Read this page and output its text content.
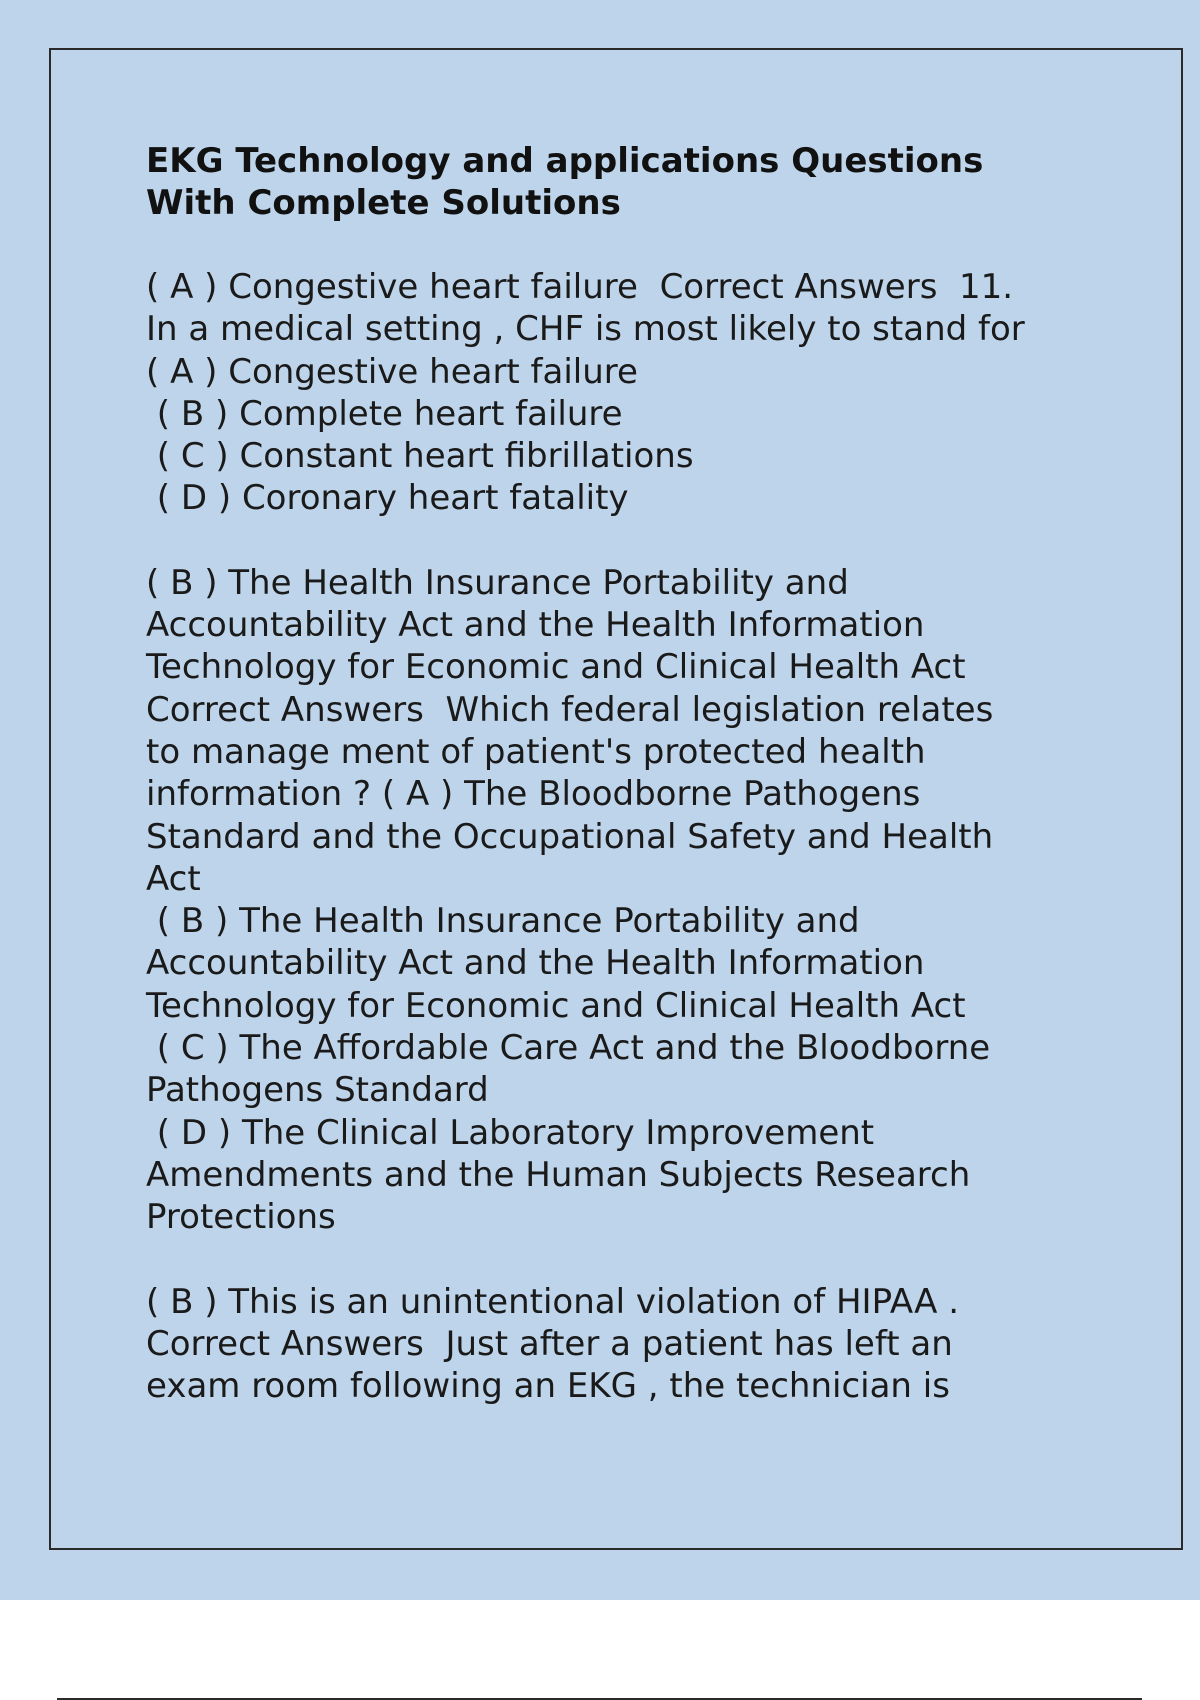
EKG Technology and applications Questions
With Complete Solutions

( A ) Congestive heart failure  Correct Answers  11.
In a medical setting , CHF is most likely to stand for
( A ) Congestive heart failure
( B ) Complete heart failure
( C ) Constant heart fibrillations
( D ) Coronary heart fatality

( B ) The Health Insurance Portability and
Accountability Act and the Health Information
Technology for Economic and Clinical Health Act
Correct Answers  Which federal legislation relates
to manage ment of patient's protected health
information ? ( A ) The Bloodborne Pathogens
Standard and the Occupational Safety and Health
Act
( B ) The Health Insurance Portability and
Accountability Act and the Health Information
Technology for Economic and Clinical Health Act
( C ) The Affordable Care Act and the Bloodborne
Pathogens Standard
( D ) The Clinical Laboratory Improvement
Amendments and the Human Subjects Research
Protections

( B ) This is an unintentional violation of HIPAA .
Correct Answers  Just after a patient has left an
exam room following an EKG , the technician is
